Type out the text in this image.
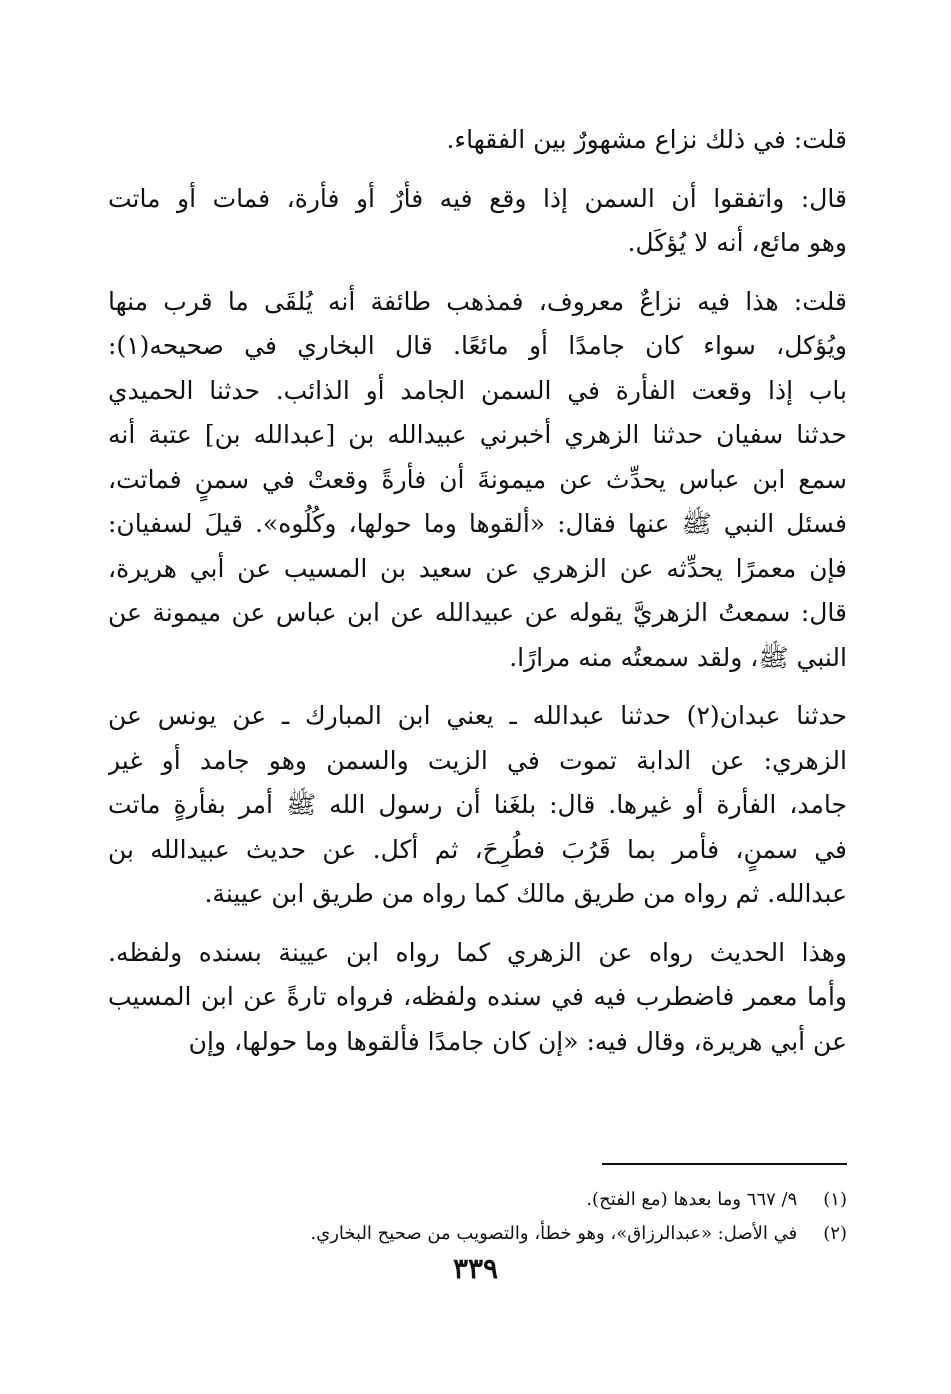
قلت: في ذلك نزاع مشهورٌ بين الفقهاء.

قال: واتفقوا أن السمن إذا وقع فيه فأرٌ أو فأرة، فمات أو ماتت
وهو مائع، أنه لا يُؤكَل.

قلت: هذا فيه نزاعٌ معروف، فمذهب طائفة أنه يُلقَى ما قرب منها
ويُؤكل، سواء كان جامدًا أو مائعًا. قال البخاري في صحيحه(١):
باب إذا وقعت الفأرة في السمن الجامد أو الذائب. حدثنا الحميدي
حدثنا سفيان حدثنا الزهري أخبرني عبيدالله بن [عبدالله بن] عتبة أنه
سمع ابن عباس يحدِّث عن ميمونةَ أن فأرةً وقعتْ في سمنٍ فماتت،
فسئل النبي ﷺ عنها فقال: «ألقوها وما حولها، وكُلُوه». قيلَ لسفيان:
فإن معمرًا يحدِّثه عن الزهري عن سعيد بن المسيب عن أبي هريرة،
قال: سمعتُ الزهريَّ يقوله عن عبيدالله عن ابن عباس عن ميمونة عن
النبي ﷺ، ولقد سمعتُه منه مرارًا.

حدثنا عبدان(٢) حدثنا عبدالله ـ يعني ابن المبارك ـ عن يونس عن
الزهري: عن الدابة تموت في الزيت والسمن وهو جامد أو غير
جامد، الفأرة أو غيرها. قال: بلغَنا أن رسول الله ﷺ أمر بفأرةٍ ماتت
في سمنٍ، فأمر بما قَرُبَ فطُرِحَ، ثم أكل. عن حديث عبيدالله بن
عبدالله. ثم رواه من طريق مالك كما رواه من طريق ابن عيينة.

وهذا الحديث رواه عن الزهري كما رواه ابن عيينة بسنده ولفظه.
وأما معمر فاضطرب فيه في سنده ولفظه، فرواه تارةً عن ابن المسيب
عن أبي هريرة، وقال فيه: «إن كان جامدًا فألقوها وما حولها، وإن

(١) ٩/ ٦٦٧ وما بعدها (مع الفتح).
(٢) في الأصل: «عبدالرزاق»، وهو خطأ، والتصويب من صحيح البخاري.
٣٣٩
